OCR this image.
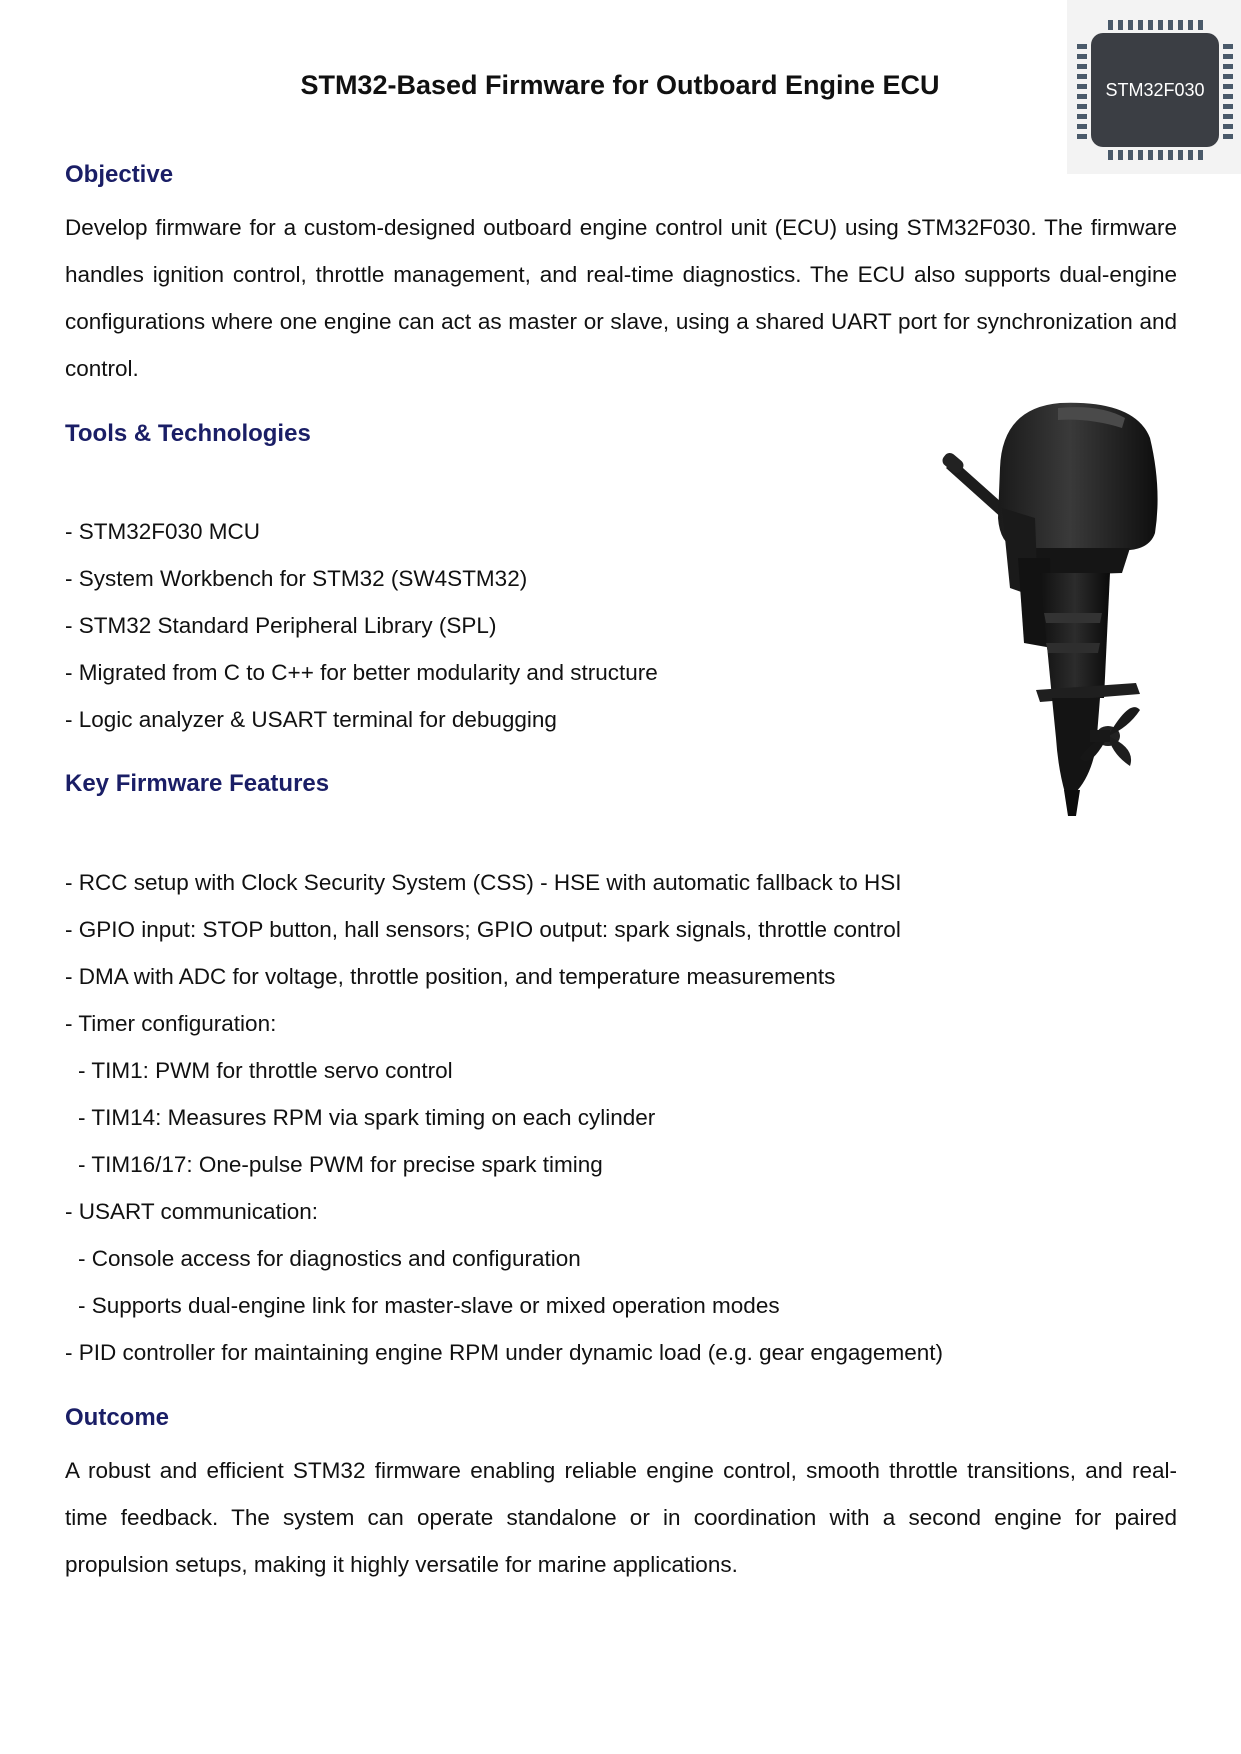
STM32-Based Firmware for Outboard Engine ECU	STM32F030
Objective

Develop firmware for a custom-designed outboard engine control unit (ECU) using STM32F030. The firmware handles ignition control, throttle management, and real-time diagnostics. The ECU also supports dual-engine configurations where one engine can act as master or slave, using a shared UART port for synchronization and control.

Tools & Technologies
- STM32F030 MCU
- System Workbench for STM32 (SW4STM32)
- STM32 Standard Peripheral Library (SPL)
- Migrated from C to C++ for better modularity and structure
- Logic analyzer & USART terminal for debugging
Key Firmware Features
- RCC setup with Clock Security System (CSS) - HSE with automatic fallback to HSI
- GPIO input: STOP button, hall sensors; GPIO output: spark signals, throttle control
- DMA with ADC for voltage, throttle position, and temperature measurements
- Timer configuration:
- TIM1: PWM for throttle servo control
- TIM14: Measures RPM via spark timing on each cylinder
- TIM16/17: One-pulse PWM for precise spark timing
- USART communication:
- Console access for diagnostics and configuration
- Supports dual-engine link for master-slave or mixed operation modes
- PID controller for maintaining engine RPM under dynamic load (e.g. gear engagement)
Outcome

A robust and efficient STM32 firmware enabling reliable engine control, smooth throttle transitions, and real-time feedback. The system can operate standalone or in coordination with a second engine for paired propulsion setups, making it highly versatile for marine applications.
